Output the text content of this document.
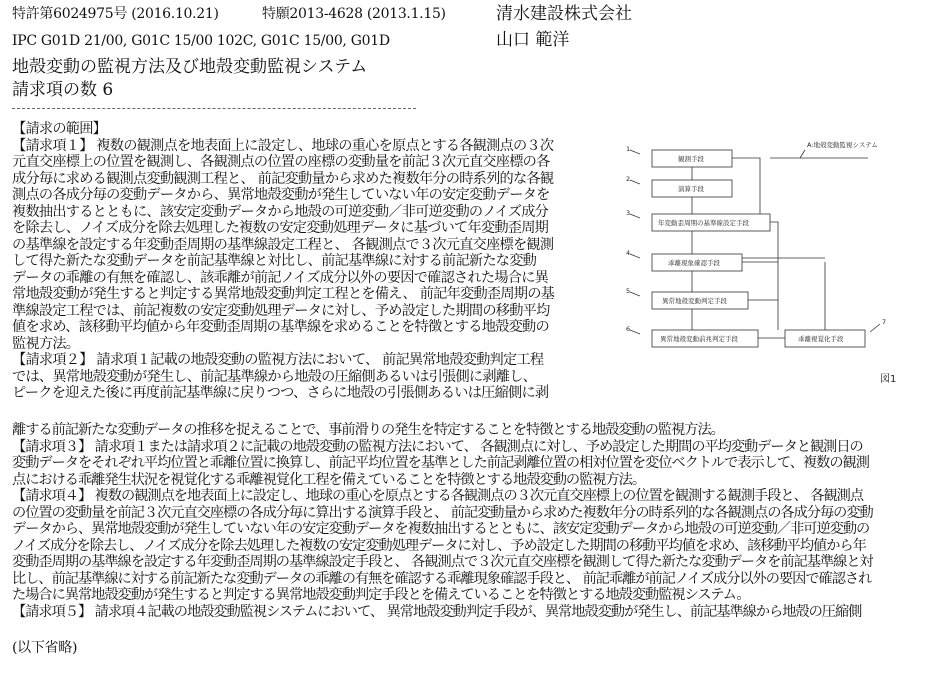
特許第6024975号 (2016.10.21)	特願2013-4628 (2013.1.15)	清水建設株式会社
IPC G01D 21/00, G01C 15/00 102C, G01C 15/00, G01D	山口 範洋
地殻変動の監視方法及び地殻変動監視システム
請求項の数 6
【請求の範囲】
【請求項１】 複数の観測点を地表面上に設定し、地球の重心を原点とする各観測点の３次
元直交座標上の位置を観測し、各観測点の位置の座標の変動量を前記３次元直交座標の各
成分毎に求める観測点変動観測工程と、 前記変動量から求めた複数年分の時系列的な各観
測点の各成分毎の変動データから、異常地殻変動が発生していない年の安定変動データを
複数抽出するとともに、該安定変動データから地殻の可逆変動／非可逆変動のノイズ成分
を除去し、ノイズ成分を除去処理した複数の安定変動処理データに基づいて年変動歪周期
の基準線を設定する年変動歪周期の基準線設定工程と、 各観測点で３次元直交座標を観測
して得た新たな変動データを前記基準線と対比し、前記基準線に対する前記新たな変動
データの乖離の有無を確認し、該乖離が前記ノイズ成分以外の要因で確認された場合に異
常地殻変動が発生すると判定する異常地殻変動判定工程とを備え、 前記年変動歪周期の基
準線設定工程では、前記複数の安定変動処理データに対し、予め設定した期間の移動平均
値を求め、該移動平均値から年変動歪周期の基準線を求めることを特徴とする地殻変動の
監視方法。
【請求項２】 請求項１記載の地殻変動の監視方法において、 前記異常地殻変動判定工程
では、異常地殻変動が発生し、前記基準線から地殻の圧縮側あるいは引張側に剥離し、
ピークを迎えた後に再度前記基準線に戻りつつ、さらに地殻の引張側あるいは圧縮側に剥
離する前記新たな変動データの推移を捉えることで、事前滑りの発生を特定することを特徴とする地殻変動の監視方法。
【請求項３】 請求項１または請求項２に記載の地殻変動の監視方法において、 各観測点に対し、予め設定した期間の平均変動データと観測日の
変動データをそれぞれ平均位置と乖離位置に換算し、前記平均位置を基準とした前記剥離位置の相対位置を変位ベクトルで表示して、複数の観測
点における乖離発生状況を視覚化する乖離視覚化工程を備えていることを特徴とする地殻変動の監視方法。
【請求項４】 複数の観測点を地表面上に設定し、地球の重心を原点とする各観測点の３次元直交座標上の位置を観測する観測手段と、 各観測点
の位置の変動量を前記３次元直交座標の各成分毎に算出する演算手段と、 前記変動量から求めた複数年分の時系列的な各観測点の各成分毎の変動
データから、異常地殻変動が発生していない年の安定変動データを複数抽出するとともに、該安定変動データから地殻の可逆変動／非可逆変動の
ノイズ成分を除去し、ノイズ成分を除去処理した複数の安定変動処理データに対し、予め設定した期間の移動平均値を求め、該移動平均値から年
変動歪周期の基準線を設定する年変動歪周期の基準線設定手段と、 各観測点で３次元直交座標を観測して得た新たな変動データを前記基準線と対
比し、前記基準線に対する前記新たな変動データの乖離の有無を確認する乖離現象確認手段と、 前記乖離が前記ノイズ成分以外の要因で確認され
た場合に異常地殻変動が発生すると判定する異常地殻変動判定手段とを備えていることを特徴とする地殻変動監視システム。
【請求項５】 請求項４記載の地殻変動監視システムにおいて、 異常地殻変動判定手段が、異常地殻変動が発生し、前記基準線から地殻の圧縮側
(以下省略)
A:地殻変動監視システム
1
2
3
4
5
6
7
観測手段
演算手段
年変動歪周期の基準線設定手段
乖離現象確認手段
異常地殻変動判定手段
異常地殻変動前兆判定手段	乖離視覚化手段
図1
